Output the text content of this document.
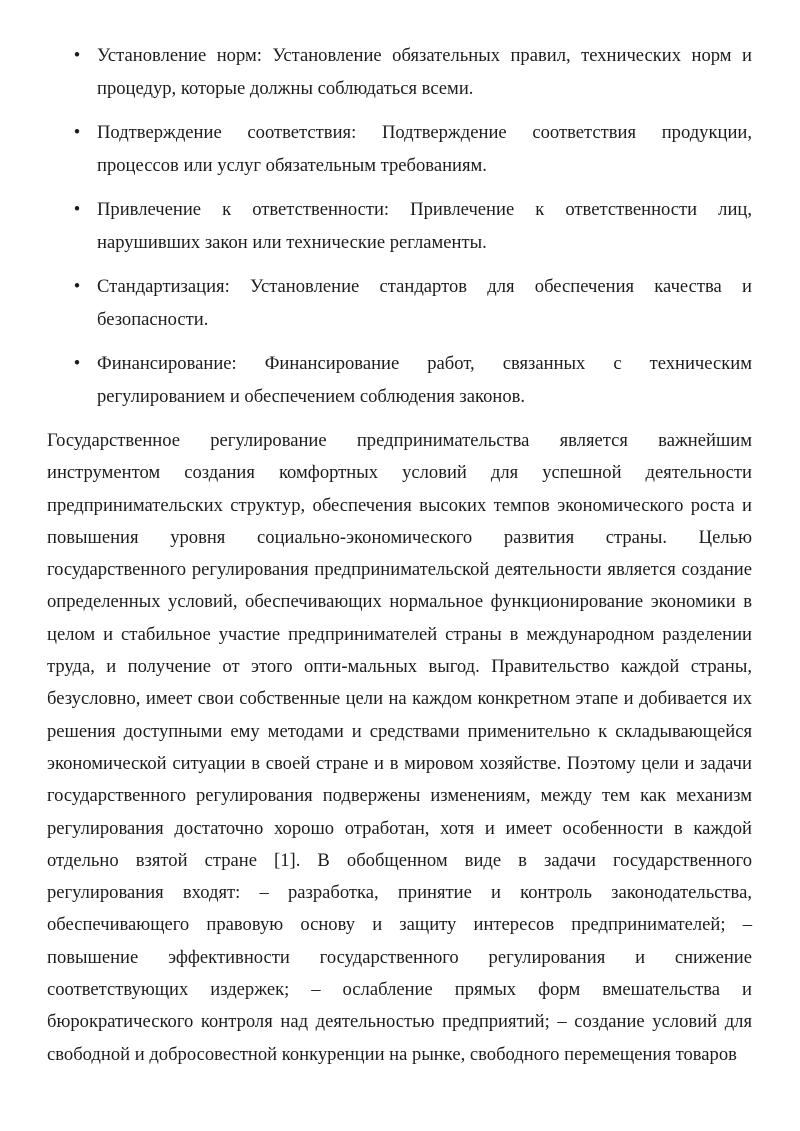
• Установление норм: Установление обязательных правил, технических норм и процедур, которые должны соблюдаться всеми.
• Подтверждение соответствия: Подтверждение соответствия продукции, процессов или услуг обязательным требованиям.
• Привлечение к ответственности: Привлечение к ответственности лиц, нарушивших закон или технические регламенты.
• Стандартизация: Установление стандартов для обеспечения качества и безопасности.
• Финансирование: Финансирование работ, связанных с техническим регулированием и обеспечением соблюдения законов.

Государственное регулирование предпринимательства является важнейшим инструментом создания комфортных условий для успешной деятельности предпринимательских структур, обеспечения высоких темпов экономического роста и повышения уровня социально-экономического развития страны. Целью государственного регулирования предпринимательской деятельности является создание определенных условий, обеспечивающих нормальное функционирование экономики в целом и стабильное участие предпринимателей страны в международном разделении труда, и получение от этого опти-мальных выгод. Правительство каждой страны, безусловно, имеет свои собственные цели на каждом конкретном этапе и добивается их решения доступными ему методами и средствами применительно к складывающейся экономической ситуации в своей стране и в мировом хозяйстве. Поэтому цели и задачи государственного регулирования подвержены изменениям, между тем как механизм регулирования достаточно хорошо отработан, хотя и имеет особенности в каждой отдельно взятой стране [1]. В обобщенном виде в задачи государственного регулирования входят: – разработка, принятие и контроль законодательства, обеспечивающего правовую основу и защиту интересов предпринимателей; – повышение эффективности государственного регулирования и снижение соответствующих издержек; – ослабление прямых форм вмешательства и бюрократического контроля над деятельностью предприятий; – создание условий для свободной и добросовестной конкуренции на рынке, свободного перемещения товаров
